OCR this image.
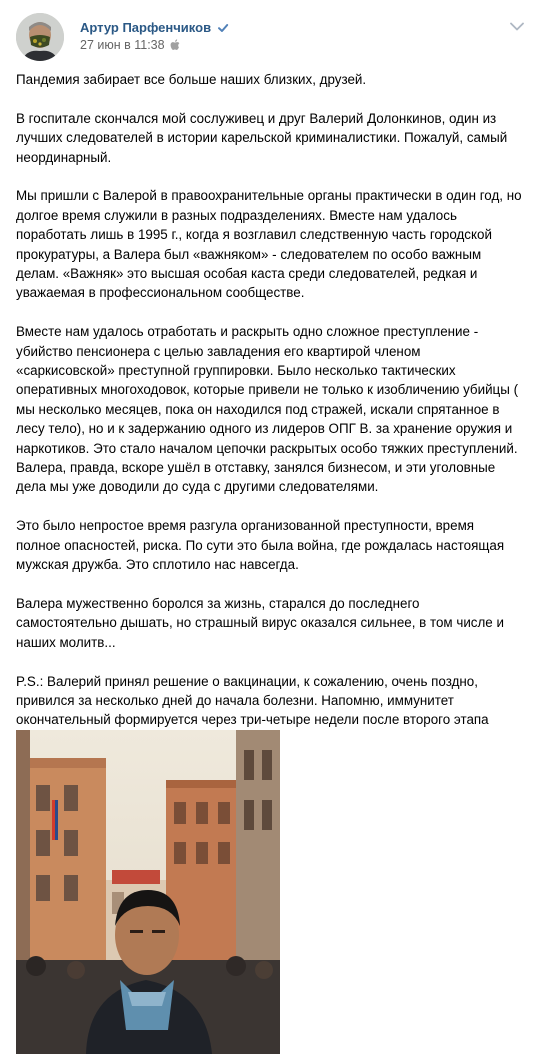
Артур Парфенчиков
27 июн в 11:38

Пандемия забирает все больше наших близких, друзей.

В госпитале скончался мой сослуживец и друг Валерий Долонкинов, один из лучших следователей в истории карельской криминалистики. Пожалуй, самый неординарный.

Мы пришли с Валерой в правоохранительные органы практически в один год, но долгое время служили в разных подразделениях. Вместе нам удалось поработать лишь в 1995 г., когда я возглавил следственную часть городской прокуратуры, а Валера был «важняком» - следователем по особо важным делам. «Важняк» это высшая особая каста среди следователей, редкая и уважаемая в профессиональном сообществе.

Вместе нам удалось отработать и раскрыть одно сложное преступление - убийство пенсионера с целью завладения его квартирой членом «саркисовской» преступной группировки. Было несколько тактических оперативных многоходовок, которые привели не только к изобличению убийцы ( мы несколько месяцев, пока он находился под стражей, искали спрятанное в лесу тело), но и к задержанию одного из лидеров ОПГ В. за хранение оружия и наркотиков. Это стало началом цепочки раскрытых особо тяжких преступлений. Валера, правда, вскоре ушёл в отставку, занялся бизнесом, и эти уголовные дела мы уже доводили до суда с другими следователями.

Это было непростое время разгула организованной преступности, время полное опасностей, риска. По сути это была война, где рождалась настоящая мужская дружба. Это сплотило нас навсегда.

Валера мужественно боролся за жизнь, старался до последнего самостоятельно дышать, но страшный вирус оказался сильнее, в том числе и наших молитв...

P.S.: Валерий принял решение о вакцинации, к сожалению, очень поздно, привился за несколько дней до начала болезни. Напомню, иммунитет окончательный формируется через три-четыре недели после второго этапа
